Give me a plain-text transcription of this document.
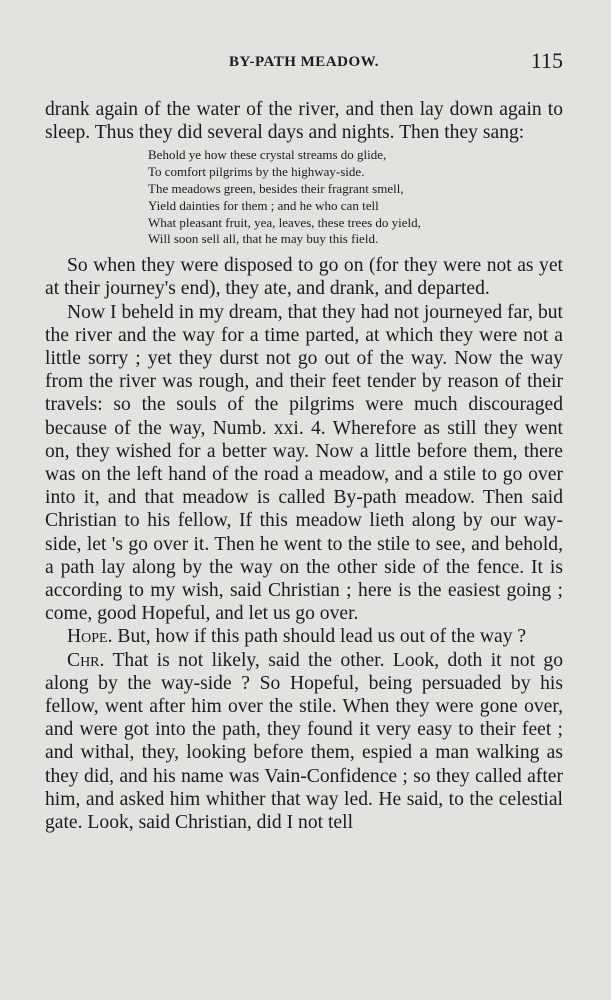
BY-PATH MEADOW.	115

drank again of the water of the river, and then lay down again to sleep. Thus they did several days and nights. Then they sang:

Behold ye how these crystal streams do glide,
To comfort pilgrims by the highway-side.
The meadows green, besides their fragrant smell,
Yield dainties for them ; and he who can tell
What pleasant fruit, yea, leaves, these trees do yield,
Will soon sell all, that he may buy this field.

So when they were disposed to go on (for they were not as yet at their journey's end), they ate, and drank, and departed.

Now I beheld in my dream, that they had not journeyed far, but the river and the way for a time parted, at which they were not a little sorry ; yet they durst not go out of the way. Now the way from the river was rough, and their feet tender by reason of their travels: so the souls of the pilgrims were much discouraged because of the way, Numb. xxi. 4. Wherefore as still they went on, they wished for a better way. Now a little before them, there was on the left hand of the road a meadow, and a stile to go over into it, and that meadow is called By-path meadow. Then said Christian to his fellow, If this meadow lieth along by our way-side, let 's go over it. Then he went to the stile to see, and behold, a path lay along by the way on the other side of the fence. It is according to my wish, said Christian ; here is the easiest going ; come, good Hopeful, and let us go over.

Hope. But, how if this path should lead us out of the way ?

Chr. That is not likely, said the other. Look, doth it not go along by the way-side ? So Hopeful, being persuaded by his fellow, went after him over the stile. When they were gone over, and were got into the path, they found it very easy to their feet ; and withal, they, looking before them, espied a man walking as they did, and his name was Vain-Confidence ; so they called after him, and asked him whither that way led. He said, to the celestial gate. Look, said Christian, did I not tell
